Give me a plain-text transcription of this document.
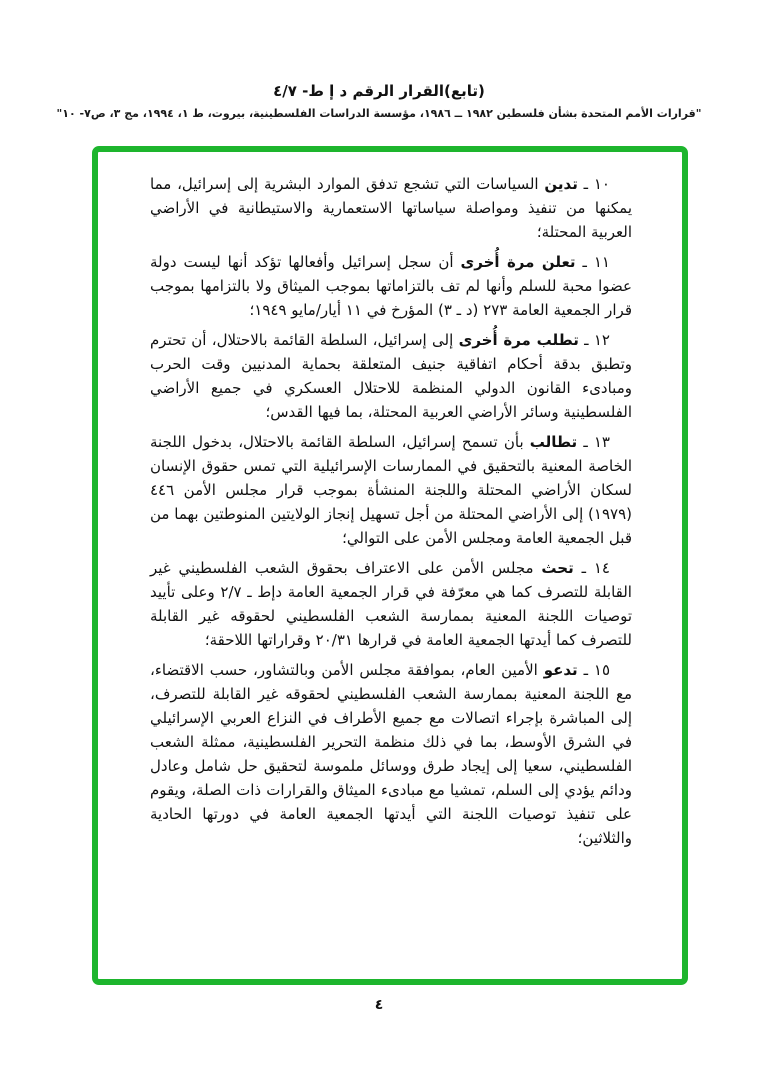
(تابع)القرار الرقم د إ ط- ٤/٧
"قرارات الأمم المتحدة بشأن فلسطين ١٩٨٢ ــ ١٩٨٦، مؤسسة الدراسات الفلسطينية، بيروت، ط ١، ١٩٩٤، مج ٣، ص٧- ١٠"

١٠ ـ تدين السياسات التي تشجع تدفق الموارد البشرية إلى إسرائيل، مما يمكنها من تنفيذ ومواصلة سياساتها الاستعمارية والاستيطانية في الأراضي العربية المحتلة؛

١١ ـ تعلن مرة أُخرى أن سجل إسرائيل وأفعالها تؤكد أنها ليست دولة عضوا محبة للسلم وأنها لم تف بالتزاماتها بموجب الميثاق ولا بالتزامها بموجب قرار الجمعية العامة ٢٧٣ (د ـ ٣) المؤرخ في ١١ أيار/مايو ١٩٤٩؛

١٢ ـ تطلب مرة أُخرى إلى إسرائيل، السلطة القائمة بالاحتلال، أن تحترم وتطبق بدقة أحكام اتفاقية جنيف المتعلقة بحماية المدنيين وقت الحرب ومبادىء القانون الدولي المنظمة للاحتلال العسكري في جميع الأراضي الفلسطينية وسائر الأراضي العربية المحتلة، بما فيها القدس؛

١٣ ـ تطالب بأن تسمح إسرائيل، السلطة القائمة بالاحتلال، بدخول اللجنة الخاصة المعنية بالتحقيق في الممارسات الإسرائيلية التي تمس حقوق الإنسان لسكان الأراضي المحتلة واللجنة المنشأة بموجب قرار مجلس الأمن ٤٤٦ (١٩٧٩) إلى الأراضي المحتلة من أجل تسهيل إنجاز الولايتين المنوطتين بهما من قبل الجمعية العامة ومجلس الأمن على التوالي؛

١٤ ـ تحث مجلس الأمن على الاعتراف بحقوق الشعب الفلسطيني غير القابلة للتصرف كما هي معرّفة في قرار الجمعية العامة دإط ـ ٢/٧ وعلى تأييد توصيات اللجنة المعنية بممارسة الشعب الفلسطيني لحقوقه غير القابلة للتصرف كما أيدتها الجمعية العامة في قرارها ٢٠/٣١ وقراراتها اللاحقة؛

١٥ ـ تدعو الأمين العام، بموافقة مجلس الأمن وبالتشاور، حسب الاقتضاء، مع اللجنة المعنية بممارسة الشعب الفلسطيني لحقوقه غير القابلة للتصرف، إلى المباشرة بإجراء اتصالات مع جميع الأطراف في النزاع العربي الإسرائيلي في الشرق الأوسط، بما في ذلك منظمة التحرير الفلسطينية، ممثلة الشعب الفلسطيني، سعيا إلى إيجاد طرق ووسائل ملموسة لتحقيق حل شامل وعادل ودائم يؤدي إلى السلم، تمشيا مع مبادىء الميثاق والقرارات ذات الصلة، ويقوم على تنفيذ توصيات اللجنة التي أيدتها الجمعية العامة في دورتها الحادية والثلاثين؛

٤
